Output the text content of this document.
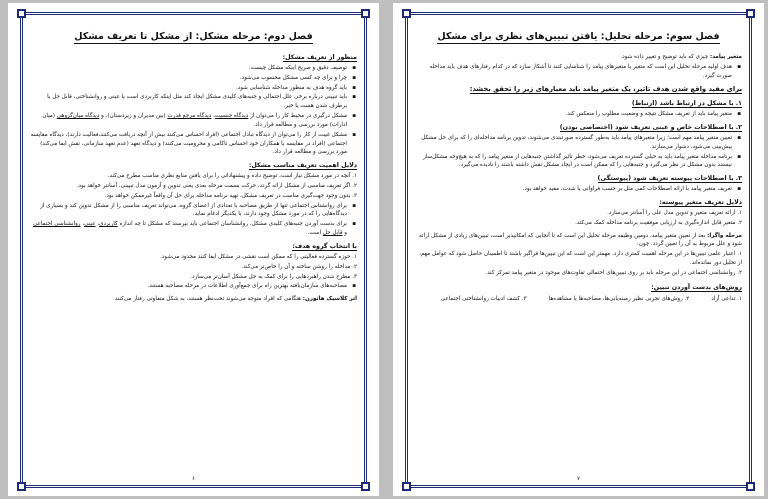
فصل سوم: مرحله تحلیل: یافتن تبیین‌های نظری برای مشکل
متغیر پیامد: چیزی که باید توضیح و تغییر داده شود.
▪ هدف اولیه مرحله تحلیل این است که متغیر یا متغیرهای پیامد را شناسایی کنند تا آشکار سازد که در کدام رفتارهای هدف باید مداخله صورت گیرد.
برای مفید واقع شدن هدف تاثیر، یک متغیر پیامد باید معیارهای زیر را تحقق بخشد:
۱. با مشکل در ارتباط باشد (ارتباط)
▪ متغیر پیامد باید از تعریف مشکل نتیجه و وضعیت مطلوب را منعکس کند.
۲. با اصطلاحات خاص و عینی تعریف شود (اختصاصی بودن)
▪ تعیین متغیر پیامد مهم است؛ زیرا متغیرهای پیامد باید به‌طور گسترده صورتبندی می‌شوند، تدوین برنامه مداخله‌ای را که برای حل مشکل پیش‌بینی می‌شود، دشوار می‌سازند.
▪ برنامه مداخله متغیر پیامد باید به خیلی گسترده تعریف می‌شود، خطر تاثیر گذاشتن جنبه‌هایی از متغیر پیامد را که به هیچ‌وجه مشکل‌ساز نیستند بدون مشکل در نظر می‌گیرد و جنبه‌هایی را که ممکن است در ایجاد مشکل نقش داشته باشند را نادیده می‌گیرد.
۳. با اصطلاحات پیوسته تعریف شود (پیوستگی)
▪ تعریف متغیر پیامد با ارائه اصطلاحات کمی مثل بر حسب فراوانی یا شدت، مفید خواهد بود.
دلایل تعریف متغیر پیوسته:
۱. ارائه تعریف متغیر و تدوین مدل علی را آسانتر می‌سازد.
۲. متغیر قابل اندازه‌گیری به ارزیابی موفقیت برنامه مداخله کمک می‌کند.
مرحله واگرا: بعد از تعیین متغیر پیامد، دومین وظیفه مرحله تحلیل این است که تا آنجایی که امکانپذیر است، تبیین‌های زیادی از مشکل ارائه شود و علل مربوط به آن را تعیین گردد. چون:
۱. اعتبار علمی تبیین‌ها در این مرحله اهمیت کمتری دارد. مهمتر این است که این تبیین‌ها فراگیر باشند تا اطمینان حاصل شود که عوامل مهم، از تحلیل دور نمانده‌اند.
۲. روانشناسی اجتماعی در این مرحله باید بر روی تبیین‌های احتمالی تفاوت‌های موجود در متغیر پیامد تمرکز کند.
روش‌های بدست آوردن تبیین:
۱. تداعی آزاد
۲. روش‌های تجربی نظیر زمینه‌یابی‌ها، مصاحبه‌ها یا مشاهده‌ها
۳. کشف ادبیات روانشناختی اجتماعی
۷
فصل دوم: مرحله مشکل: از مشکل تا تعریف مشکل
منظور از تعریف مشکل:
▪ توصیف دقیق و صریح اینکه مشکل چیست.
▪ چرا و برای چه کسی مشکل محسوب می‌شود.
▪ باید گروه هدف به منظور مداخله شناسایی شود.
▪ باید تبیینی درباره برخی علل احتمالی و جنبه‌های کلیدی مشکل ایجاد کند مثل اینکه کاربردی است یا عینی و روانشناختی، قابل حل یا برطرف شدن هست یا خیر.
▪ مشکل درگیری در محیط کار را می‌توان از دیدگاه جنسیت، دیدگاه مرجع قدرت (بین مدیران و زیردستان)، و دیدگاه میان‌گروهی (میان ادارات) مورد بررسی و مطالعه قرار داد.
▪ مشکل غیبت از کار را می‌توان از دیدگاه تبادل اجتماعی (افراد احساس می‌کنند بیش از آنچه دریافت می‌کنند،فعالیت دارند)، دیدگاه مقایسه اجتماعی (افراد در مقایسه با همکاران خود احساس ناکامی و محرومیت می‌کنند) و دیدگاه تعهد (عدم تعهد سازمانی، نقش ایفا می‌کند) مورد بررسی و مطالعه قرار داد.
دلایل اهمیت تعریف مناسب مشکل:
۱. آنچه در مورد مشکل نیاز است، توضیح داده و پیشنهاداتی را برای یافتن منابع نظری مناسب مطرح می‌کند.
۲. اگر تعریف مناسبی از مشکل ارائه گردد، حرکت بسمت مرحله بعدی یعنی تدوین و آزمون مدل تبیینی، آسانتر خواهد بود.
۳. بدون وجود جهت‌گیری مناسب در تعریف مشکل، تهیه برنامه مداخله برای حل آن واقعاً غیرممکن خواهد بود.
▪ برای روانشناس اجتماعی تنها از طریق مصاحبه با تعدادی از اعضای گروه، می‌تواند تعریف مناسبی را از مشکل تدوین کند و بسیاری از دیدگاه‌هایی را که در مورد مشکل وجود دارند، با یکدیگر ادغام نماید.
▪ برای بدست آوردن جنبه‌های کلیدی مشکل، روانشناسان اجتماعی باید بپرسند که مشکل تا چه اندازه کاربردی، عینی، روانشناسی اجتماعی و قابل حل است.
با انتخاب گروه هدف:
۱. حوزه گسترده فعالیتی را که ممکن است نقشی در مشکل ایفا کنند محدود می‌شود.
۲. مداخله را روشن ساخته و آن را خاص‌تر می‌کند.
۳. مطرح شدن راهبردهایی را برای کمک به حل مشکل آسان‌تر می‌سازد.
▪ مصاحبه‌های سازمان‌یافته بهترین راه برای جمع‌آوری اطلاعات در مرحله مصاحبه هستند.
اثر کلاسیک هاثورن: هنگامی که افراد متوجه می‌شوند تحت‌نظر هستند، به شکل متفاوتی رفتار می‌کنند.
۶
